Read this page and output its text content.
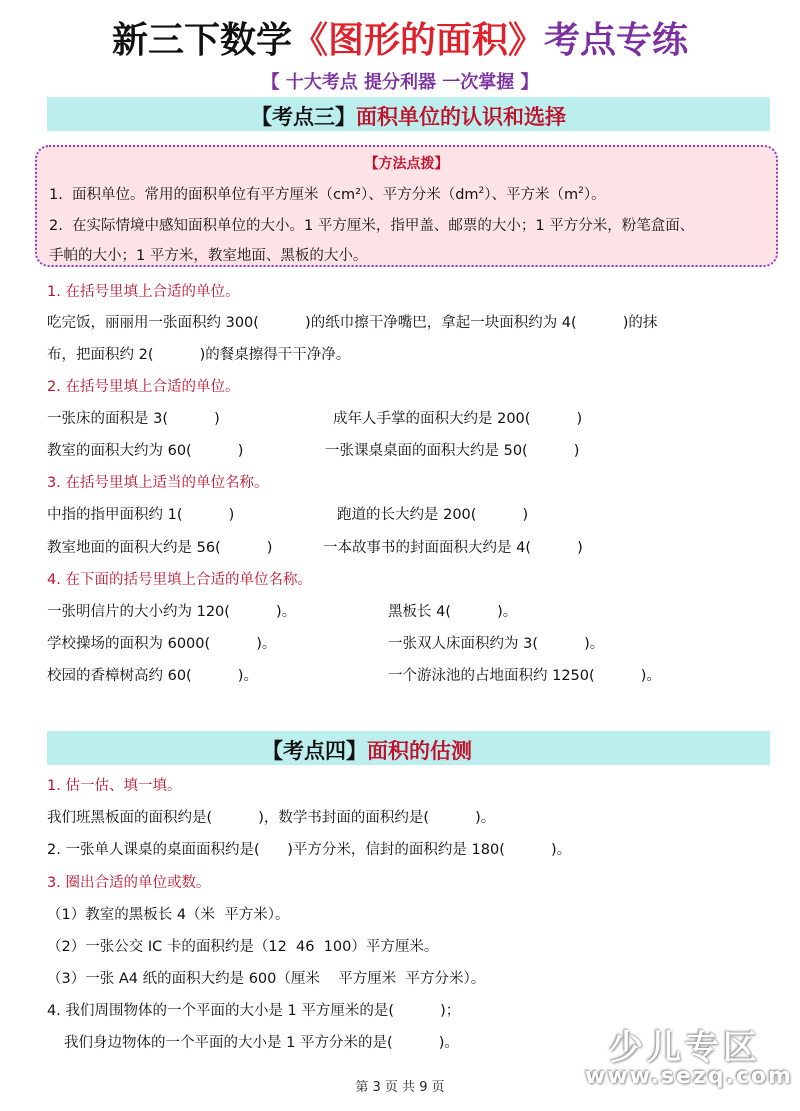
新三下数学《图形的面积》考点专练
【 十大考点 提分利器 一次掌握 】
【考点三】面积单位的认识和选择
【方法点拨】
1.  面积单位。常用的面积单位有平方厘米（cm²）、平方分米$(dm^2)$、平方米$(m^2)$。
2.  在实际情境中感知面积单位的大小。1 平方厘米，指甲盖、邮票的大小；1 平方分米，粉笔盒面、
手帕的大小；1 平方米，教室地面、黑板的大小。
1. 在括号里填上合适的单位。
吃完饭，丽丽用一张面积约 300(          )的纸巾擦干净嘴巴，拿起一块面积约为 4(          )的抹
布，把面积约 2(          )的餐桌擦得干干净净。
2. 在括号里填上合适的单位。
一张床的面积是 3(          )	成年人手掌的面积大约是 200(          )
教室的面积大约为 60(          )	一张课桌桌面的面积大约是 50(          )
3. 在括号里填上适当的单位名称。
中指的指甲面积约 1(          )	跑道的长大约是 200(          )
教室地面的面积大约是 56(          )	一本故事书的封面面积大约是 4(          )
4. 在下面的括号里填上合适的单位名称。
一张明信片的大小约为 120(          )。	黑板长 4(          )。
学校操场的面积为 6000(          )。	一张双人床面积约为 3(          )。
校园的香樟树高约 60(          )。	一个游泳池的占地面积约 1250(          )。
【考点四】面积的估测
1. 估一估、填一填。
我们班黑板面的面积约是(          )，数学书封面的面积约是(          )。
2. 一张单人课桌的桌面面积约是(      )平方分米，信封的面积约是 180(          )。
3. 圈出合适的单位或数。
（1）教室的黑板长 4（米  平方米）。
（2）一张公交 IC 卡的面积约是（12  46  100）平方厘米。
（3）一张 A4 纸的面积大约是 600（厘米    平方厘米  平方分米）。
4. 我们周围物体的一个平面的大小是 1 平方厘米的是(          )；
我们身边物体的一个平面的大小是 1 平方分米的是(          )。

	少儿专区

www.sezq.com

第 3 页 共 9 页
